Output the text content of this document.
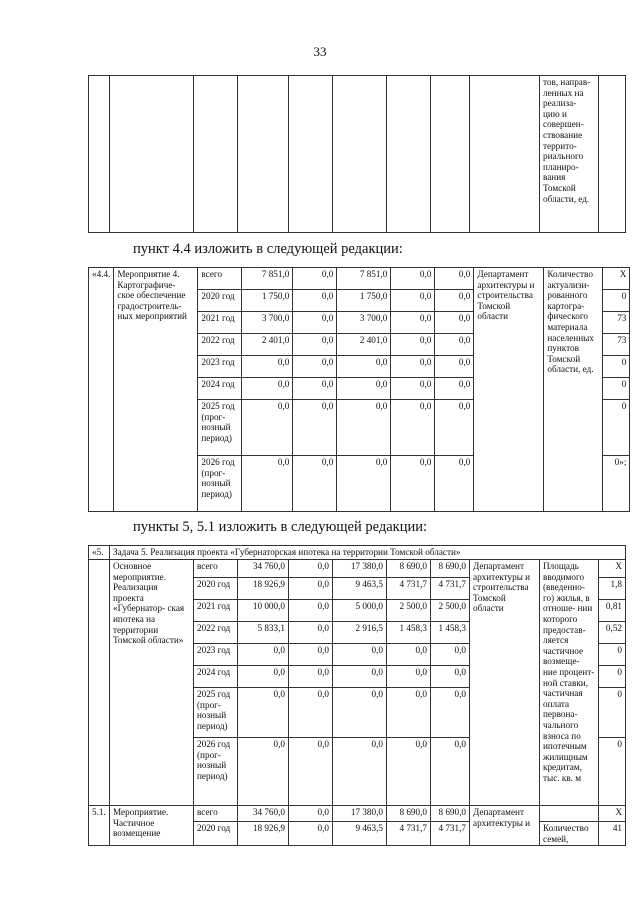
33
									тов, направ- ленных на реализа- цию и совершен- ствование террито- риального планиро- вания Томской области, ед.	
пункт 4.4 изложить в следующей редакции:
«4.4.	Мероприятие 4. Картографиче- ское обеспечение градостроитель- ных мероприятий	всего	7 851,0	0,0	7 851,0	0,0	0,0	Департамент архитектуры и строительства Томской области	Количество актуализи- рованного картогра- фического материала населенных пунктов Томской области, ед.	X
		2020 год	1 750,0	0,0	1 750,0	0,0	0,0			0
		2021 год	3 700,0	0,0	3 700,0	0,0	0,0			73
		2022 год	2 401,0	0,0	2 401,0	0,0	0,0			73
		2023 год	0,0	0,0	0,0	0,0	0,0			0
		2024 год	0,0	0,0	0,0	0,0	0,0			0
		2025 год (прог- нозный период)	0,0	0,0	0,0	0,0	0,0			0
		2026 год (прог- нозный период)	0,0	0,0	0,0	0,0	0,0			0»;
пункты 5, 5.1 изложить в следующей редакции:
«5.	Задача 5. Реализация проекта «Губернаторская ипотека на территории Томской области»									
	Основное мероприятие. Реализация проекта «Губернатор- ская ипотека на территории Томской области»	всего	34 760,0	0,0	17 380,0	8 690,0	8 690,0	Департамент архитектуры и строительства Томской области	Площадь вводимого (введенно- го) жилья, в отноше- нии которого предостав- ляется частичное возмеще- ние процент- ной ставки, частичная оплата первона- чального взноса по ипотечным жилищным кредитам, тыс. кв. м	X
		2020 год	18 926,9	0,0	9 463,5	4 731,7	4 731,7			1,8
		2021 год	10 000,0	0,0	5 000,0	2 500,0	2 500,0			0,81
		2022 год	5 833,1	0,0	2 916,5	1 458,3	1 458,3			0,52
		2023 год	0,0	0,0	0,0	0,0	0,0			0
		2024 год	0,0	0,0	0,0	0,0	0,0			0
		2025 год (прог- нозный период)	0,0	0,0	0,0	0,0	0,0			0
		2026 год (прог- нозный период)	0,0	0,0	0,0	0,0	0,0			0
5.1.	Мероприятие. Частичное возмещение	всего	34 760,0	0,0	17 380,0	8 690,0	8 690,0	Департамент архитектуры и		X
		2020 год	18 926,9	0,0	9 463,5	4 731,7	4 731,7		Количество семей,	41
